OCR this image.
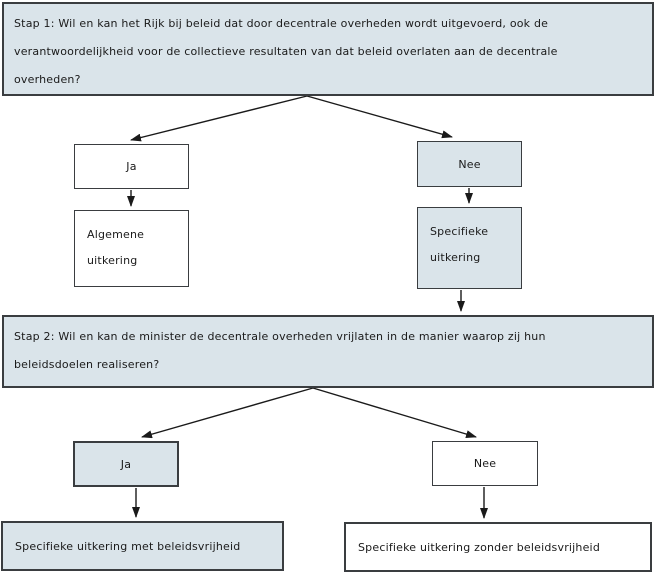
Stap 1: Wil en kan het Rijk bij beleid dat door decentrale overheden wordt uitgevoerd, ook de
verantwoordelijkheid voor de collectieve resultaten van dat beleid overlaten aan de decentrale
overheden?
Ja	Nee
Algemene
uitkering
Specifieke
uitkering
Stap 2: Wil en kan de minister de decentrale overheden vrijlaten in de manier waarop zij hun
beleidsdoelen realiseren?
Ja	Nee
Specifieke uitkering met beleidsvrijheid	Specifieke uitkering zonder beleidsvrijheid
